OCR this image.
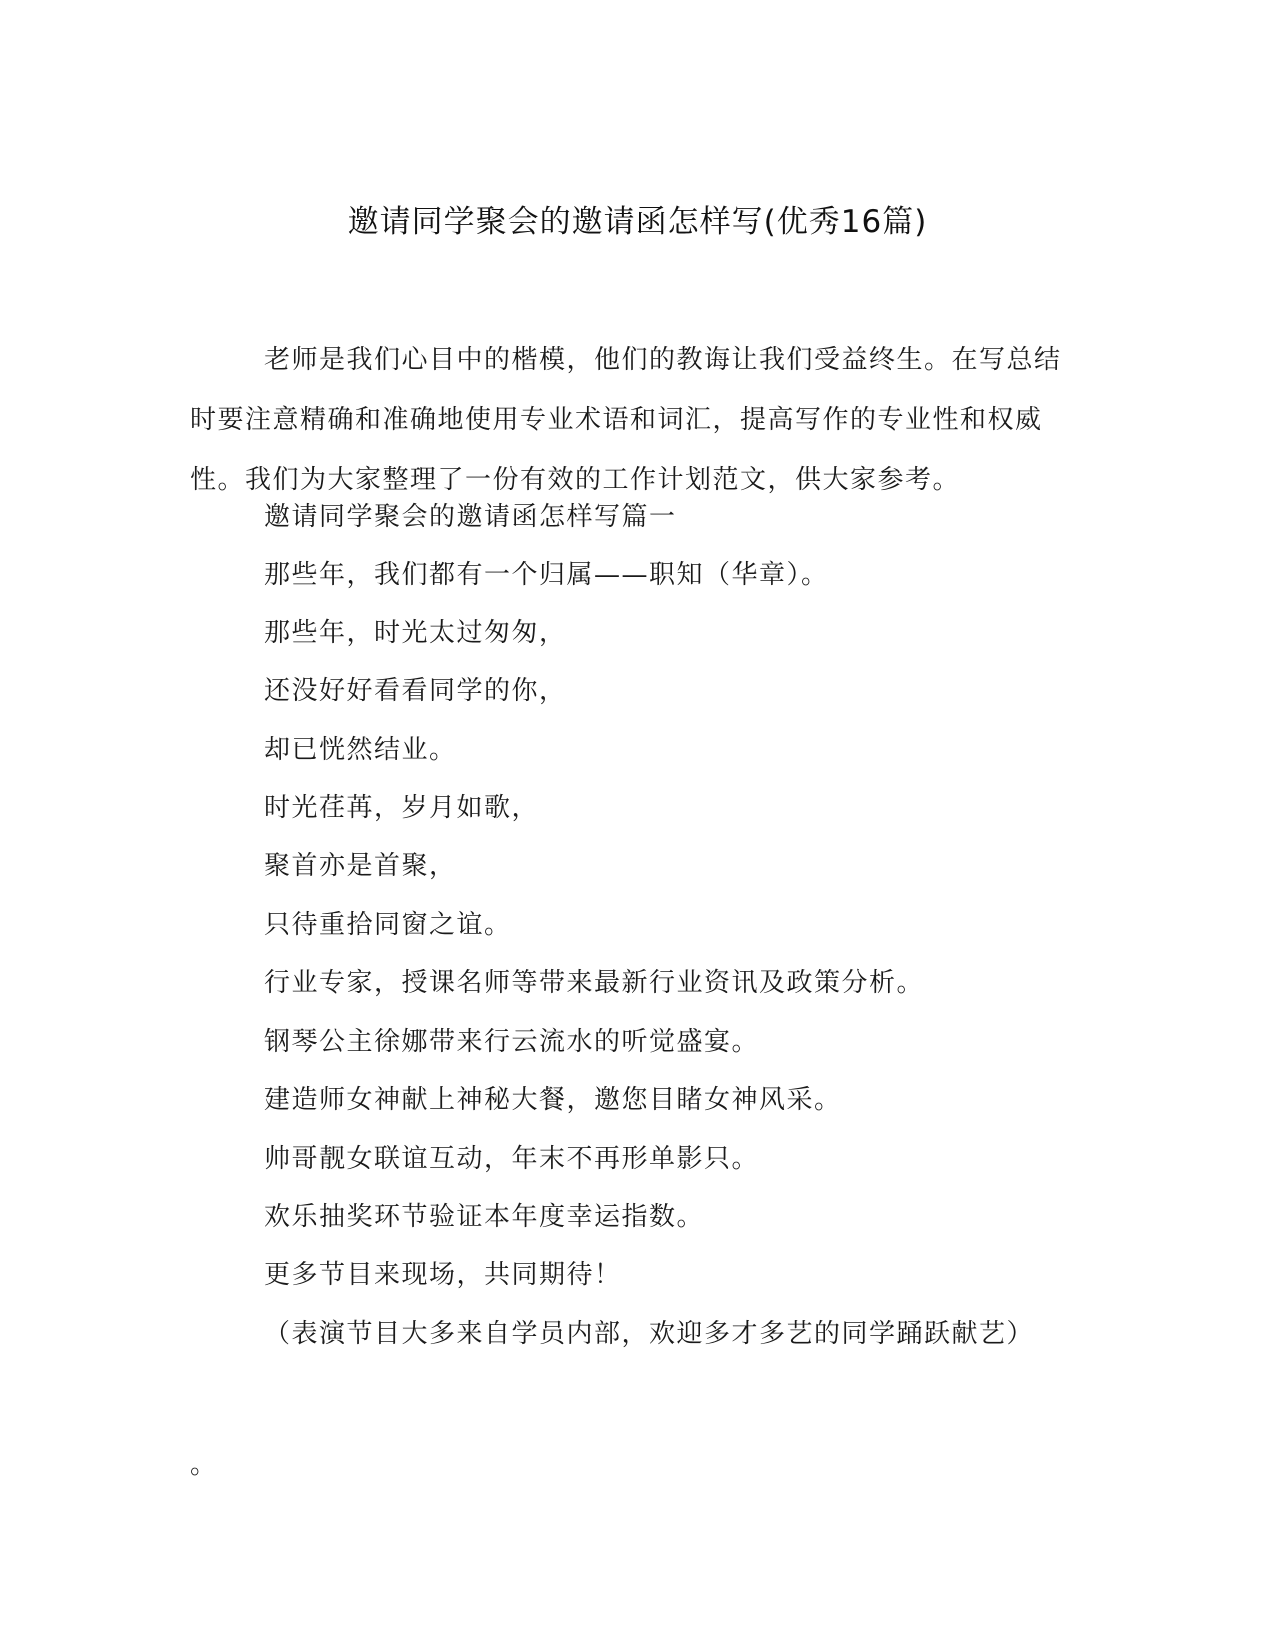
邀请同学聚会的邀请函怎样写(优秀16篇)

老师是我们心目中的楷模，他们的教诲让我们受益终生。在写总结时要注意精确和准确地使用专业术语和词汇，提高写作的专业性和权威性。我们为大家整理了一份有效的工作计划范文，供大家参考。

邀请同学聚会的邀请函怎样写篇一
那些年，我们都有一个归属——职知（华章）。
那些年，时光太过匆匆，
还没好好看看同学的你，
却已恍然结业。
时光荏苒，岁月如歌，
聚首亦是首聚，
只待重拾同窗之谊。
行业专家，授课名师等带来最新行业资讯及政策分析。
钢琴公主徐娜带来行云流水的听觉盛宴。
建造师女神献上神秘大餐，邀您目睹女神风采。
帅哥靓女联谊互动，年末不再形单影只。
欢乐抽奖环节验证本年度幸运指数。
更多节目来现场，共同期待！
（表演节目大多来自学员内部，欢迎多才多艺的同学踊跃献艺）
。
